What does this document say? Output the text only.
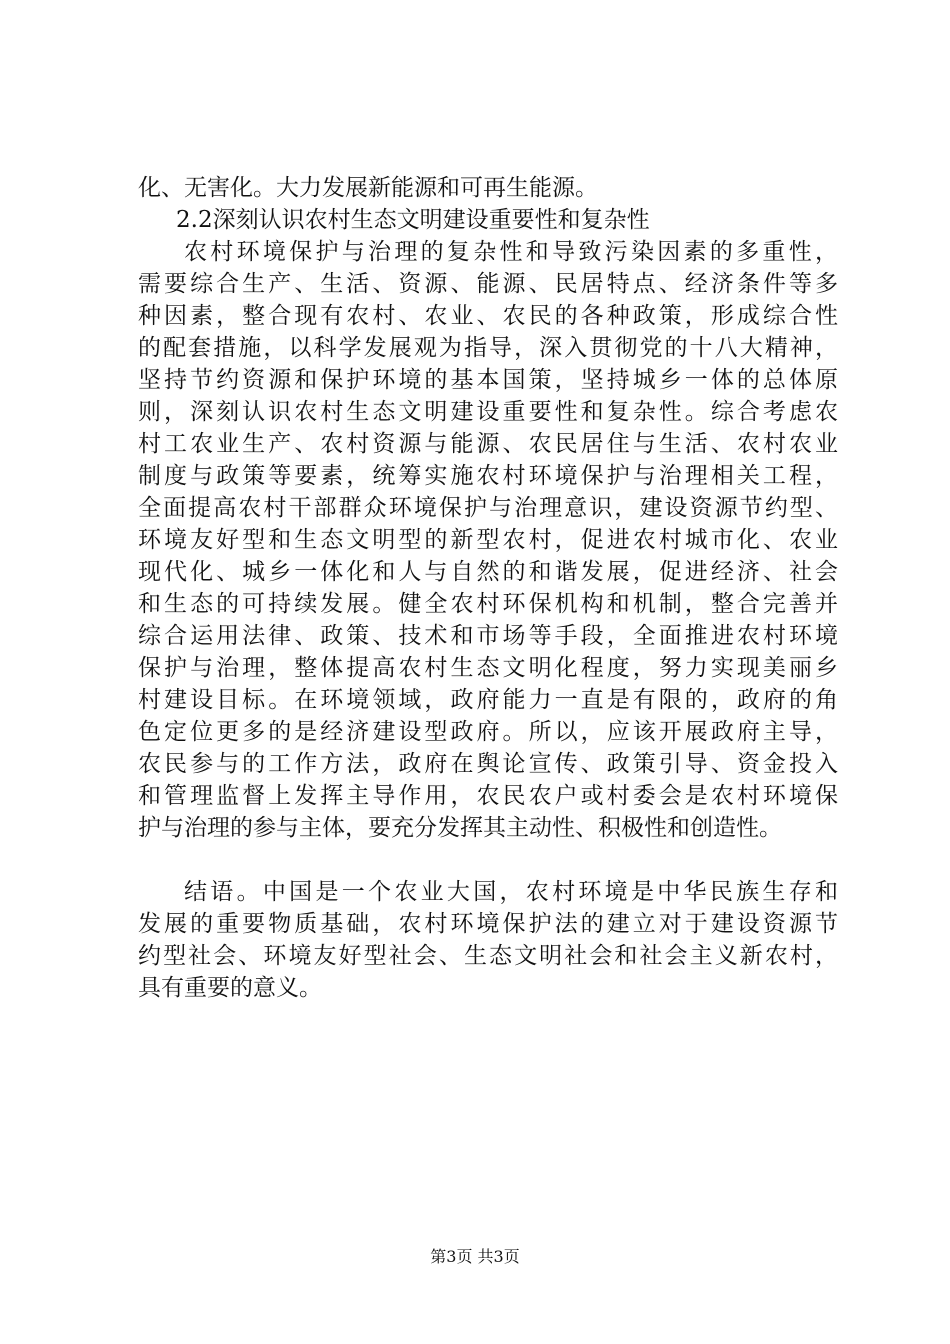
化、无害化。大力发展新能源和可再生能源。
2.2深刻认识农村生态文明建设重要性和复杂性
农村环境保护与治理的复杂性和导致污染因素的多重性，
需要综合生产、生活、资源、能源、民居特点、经济条件等多
种因素，整合现有农村、农业、农民的各种政策，形成综合性
的配套措施，以科学发展观为指导，深入贯彻党的十八大精神，
坚持节约资源和保护环境的基本国策，坚持城乡一体的总体原
则，深刻认识农村生态文明建设重要性和复杂性。综合考虑农
村工农业生产、农村资源与能源、农民居住与生活、农村农业
制度与政策等要素，统筹实施农村环境保护与治理相关工程，
全面提高农村干部群众环境保护与治理意识，建设资源节约型、
环境友好型和生态文明型的新型农村，促进农村城市化、农业
现代化、城乡一体化和人与自然的和谐发展，促进经济、社会
和生态的可持续发展。健全农村环保机构和机制，整合完善并
综合运用法律、政策、技术和市场等手段，全面推进农村环境
保护与治理，整体提高农村生态文明化程度，努力实现美丽乡
村建设目标。在环境领域，政府能力一直是有限的，政府的角
色定位更多的是经济建设型政府。所以，应该开展政府主导，
农民参与的工作方法，政府在舆论宣传、政策引导、资金投入
和管理监督上发挥主导作用，农民农户或村委会是农村环境保
护与治理的参与主体，要充分发挥其主动性、积极性和创造性。
结语。中国是一个农业大国，农村环境是中华民族生存和
发展的重要物质基础，农村环境保护法的建立对于建设资源节
约型社会、环境友好型社会、生态文明社会和社会主义新农村，
具有重要的意义。
第3页 共3页
